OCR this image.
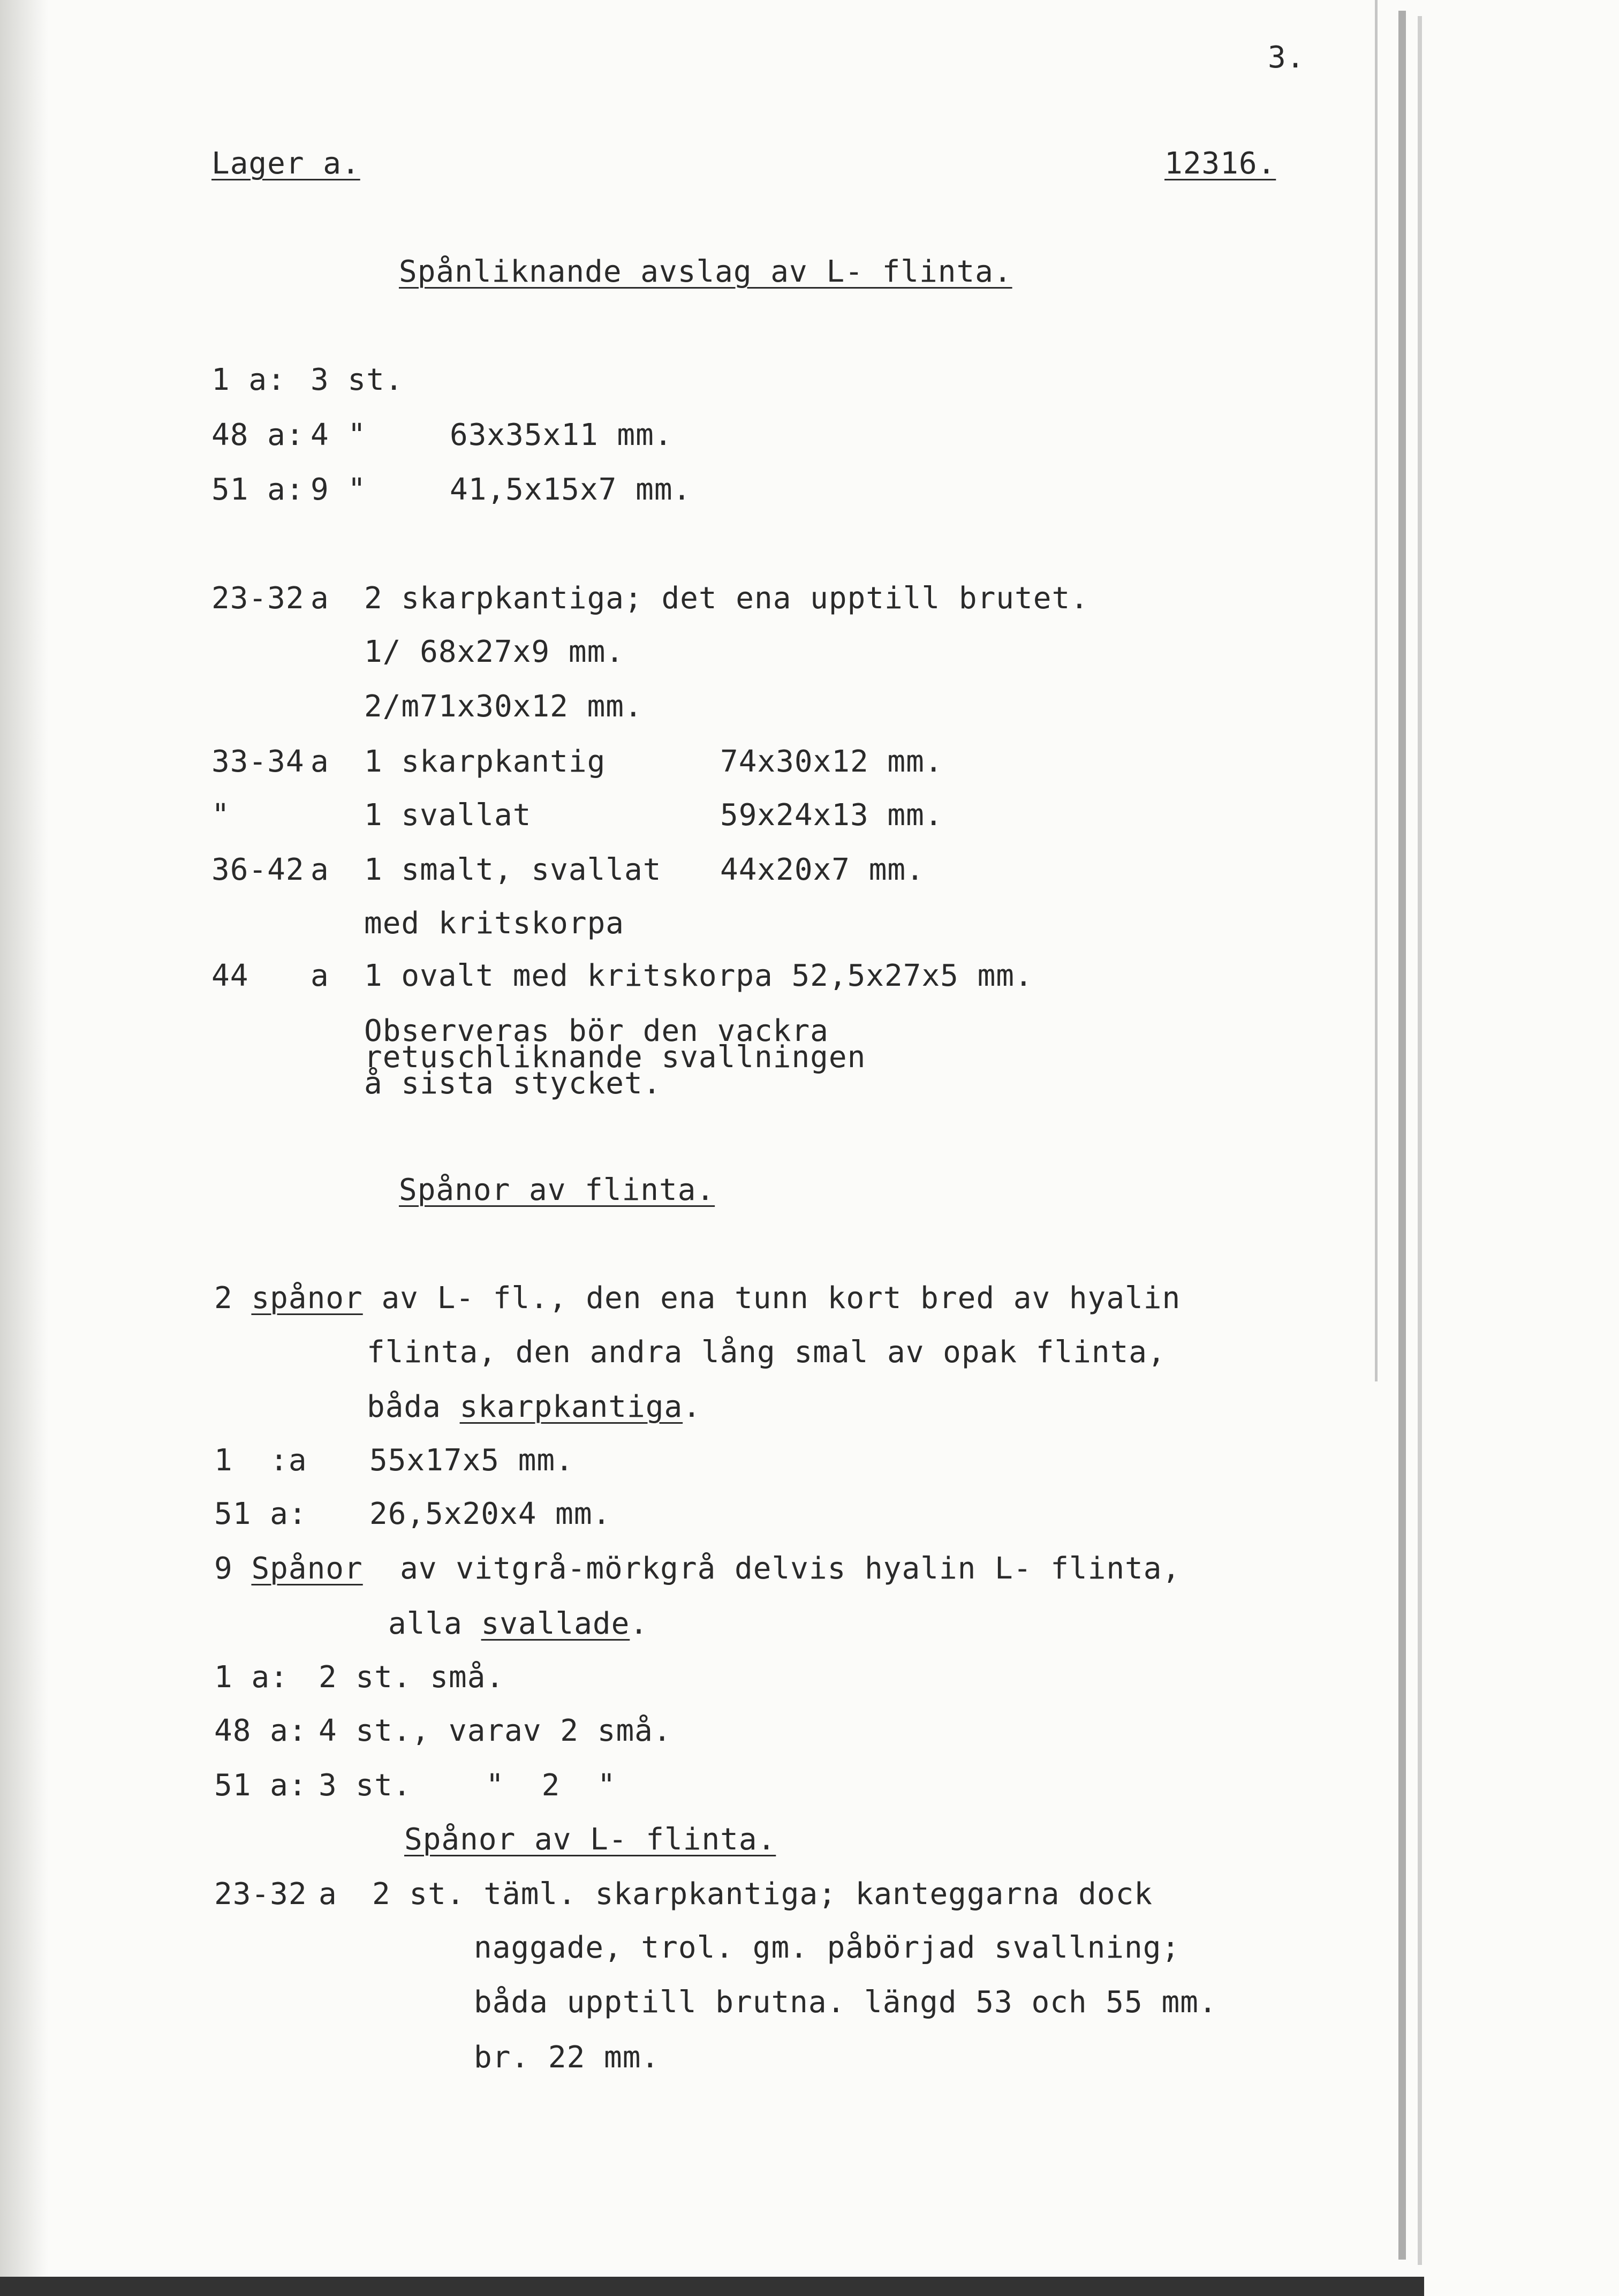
3.
Lager a.	12316.
Spånliknande avslag av L- flinta.
1 a: 3 st.
48 a: 4 "	63x35x11 mm.
51 a: 9 "	41,5x15x7 mm.
23-32 a 2 skarpkantiga; det ena upptill brutet.
1/ 68x27x9 mm.
2/m71x30x12 mm.
33-34 a 1 skarpkantig	74x30x12 mm.
"	1 svallat	59x24x13 mm.
36-42 a 1 smalt, svallat 44x20x7 mm.
med kritskorpa
44 a 1 ovalt med kritskorpa 52,5x27x5 mm.
Observeras bör den vackra
retuschliknande svallningen
å sista stycket.
Spånor av flinta.
2 spånor av L- fl., den ena tunn kort bred av hyalin
flinta, den andra lång smal av opak flinta,
båda skarpkantiga.
1  :a 55x17x5 mm.
51 a: 26,5x20x4 mm.
9 Spånor av vitgrå-mörkgrå delvis hyalin L- flinta,
alla svallade.
1 a: 2 st. små.
48 a: 4 st., varav 2 små.
51 a: 3 st.    "  2  "
Spånor av L- flinta.
23-32 a 2 st. täml. skarpkantiga; kanteggarna dock
naggade, trol. gm. påbörjad svallning;
båda upptill brutna. längd 53 och 55 mm.
br. 22 mm.
